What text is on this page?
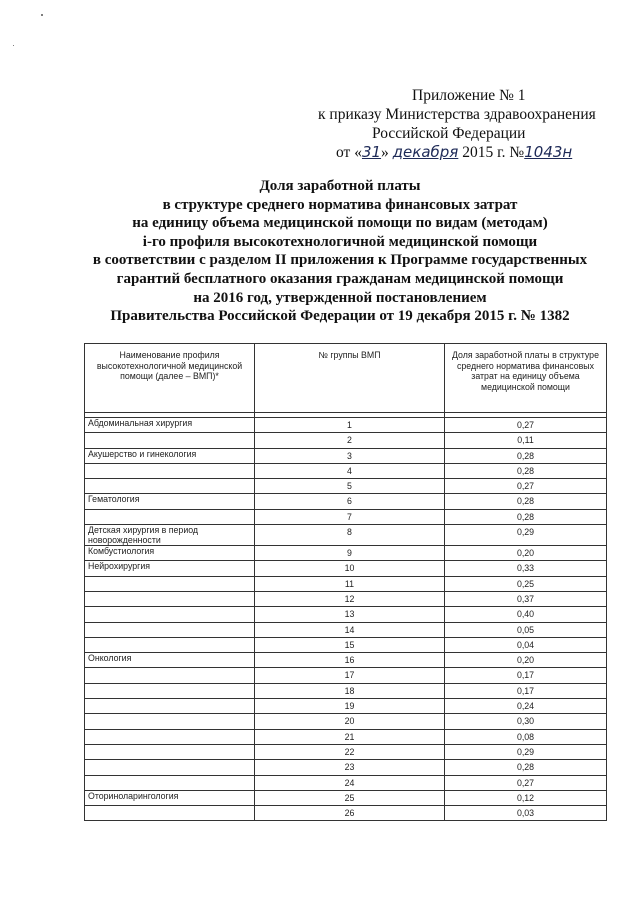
Приложение № 1
к приказу Министерства здравоохранения
Российской Федерации
от «31» декабря 2015 г. №1043н
Доля заработной платы
в структуре среднего норматива финансовых затрат
на единицу объема медицинской помощи по видам (методам)
i-го профиля высокотехнологичной медицинской помощи
в соответствии с разделом II приложения к Программе государственных
гарантий бесплатного оказания гражданам медицинской помощи
на 2016 год, утвержденной постановлением
Правительства Российской Федерации от 19 декабря 2015 г. № 1382
Наименование профиля высокотехнологичной медицинской помощи (далее – ВМП)*	№ группы ВМП	Доля заработной платы в структуре среднего норматива финансовых затрат на единицу объема медицинской помощи

Абдоминальная хирургия	1	0,27
	2	0,11
Акушерство и гинекология	3	0,28
	4	0,28
	5	0,27
Гематология	6	0,28
	7	0,28
Детская хирургия в период новорожденности	8	0,29
Комбустиология	9	0,20
Нейрохирургия	10	0,33
	11	0,25
	12	0,37
	13	0,40
	14	0,05
	15	0,04
Онкология	16	0,20
	17	0,17
	18	0,17
	19	0,24
	20	0,30
	21	0,08
	22	0,29
	23	0,28
	24	0,27
Оториноларингология	25	0,12
	26	0,03
